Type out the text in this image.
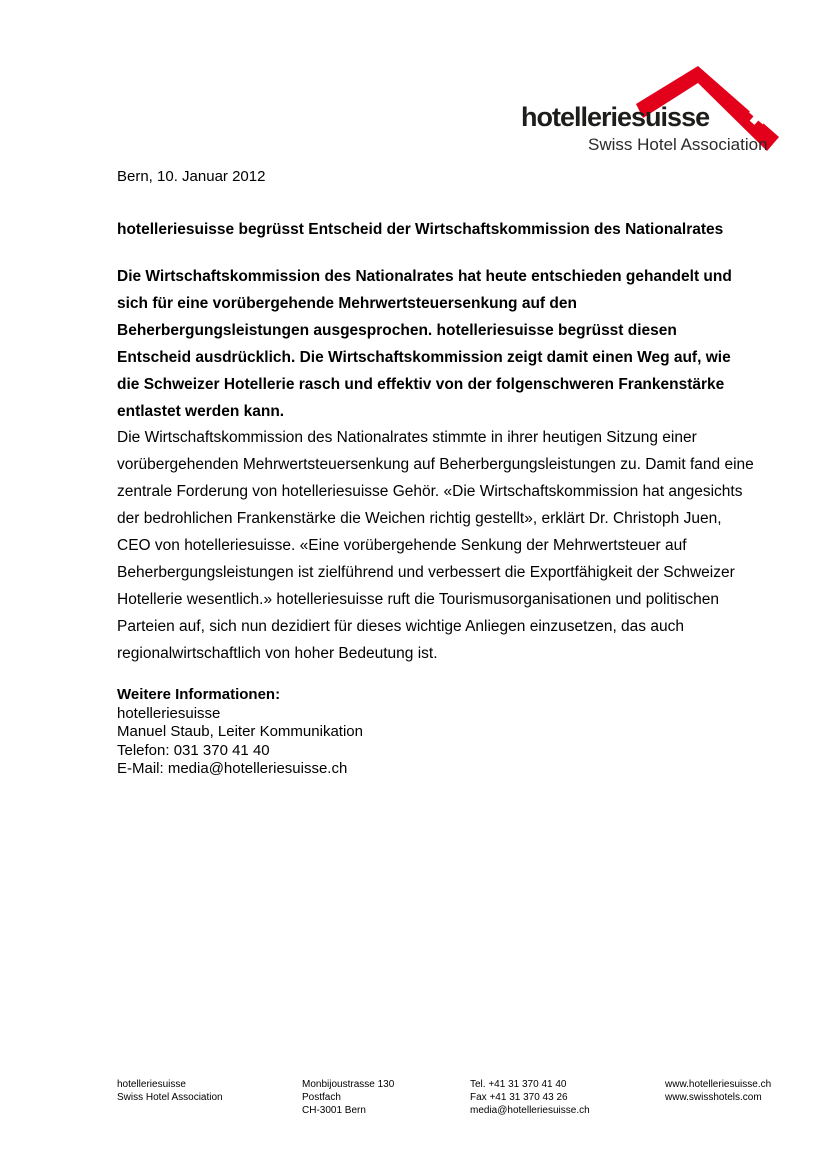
hotelleriesuisse
Swiss Hotel Association
Bern, 10. Januar 2012
hotelleriesuisse begrüsst Entscheid der Wirtschaftskommission des Nationalrates
Die Wirtschaftskommission des Nationalrates hat heute entschieden gehandelt und sich für eine vorübergehende Mehrwertsteuersenkung auf den Beherbergungsleistungen ausgesprochen. hotelleriesuisse begrüsst diesen Entscheid ausdrücklich. Die Wirtschaftskommission zeigt damit einen Weg auf, wie die Schweizer Hotellerie rasch und effektiv von der folgenschweren Frankenstärke entlastet werden kann.
Die Wirtschaftskommission des Nationalrates stimmte in ihrer heutigen Sitzung einer vorübergehenden Mehrwertsteuersenkung auf Beherbergungsleistungen zu. Damit fand eine zentrale Forderung von hotelleriesuisse Gehör. «Die Wirtschaftskommission hat angesichts der bedrohlichen Frankenstärke die Weichen richtig gestellt», erklärt Dr. Christoph Juen, CEO von hotelleriesuisse. «Eine vorübergehende Senkung der Mehrwertsteuer auf Beherbergungsleistungen ist zielführend und verbessert die Exportfähigkeit der Schweizer Hotellerie wesentlich.» hotelleriesuisse ruft die Tourismusorganisationen und politischen Parteien auf, sich nun dezidiert für dieses wichtige Anliegen einzusetzen, das auch regionalwirtschaftlich von hoher Bedeutung ist.
Weitere Informationen:
hotelleriesuisse
Manuel Staub, Leiter Kommunikation
Telefon: 031 370 41 40
E-Mail: media@hotelleriesuisse.ch
hotelleriesuisse
Swiss Hotel Association
Monbijoustrasse 130
Postfach
CH-3001 Bern
Tel. +41 31 370 41 40
Fax +41 31 370 43 26
media@hotelleriesuisse.ch
www.hotelleriesuisse.ch
www.swisshotels.com
